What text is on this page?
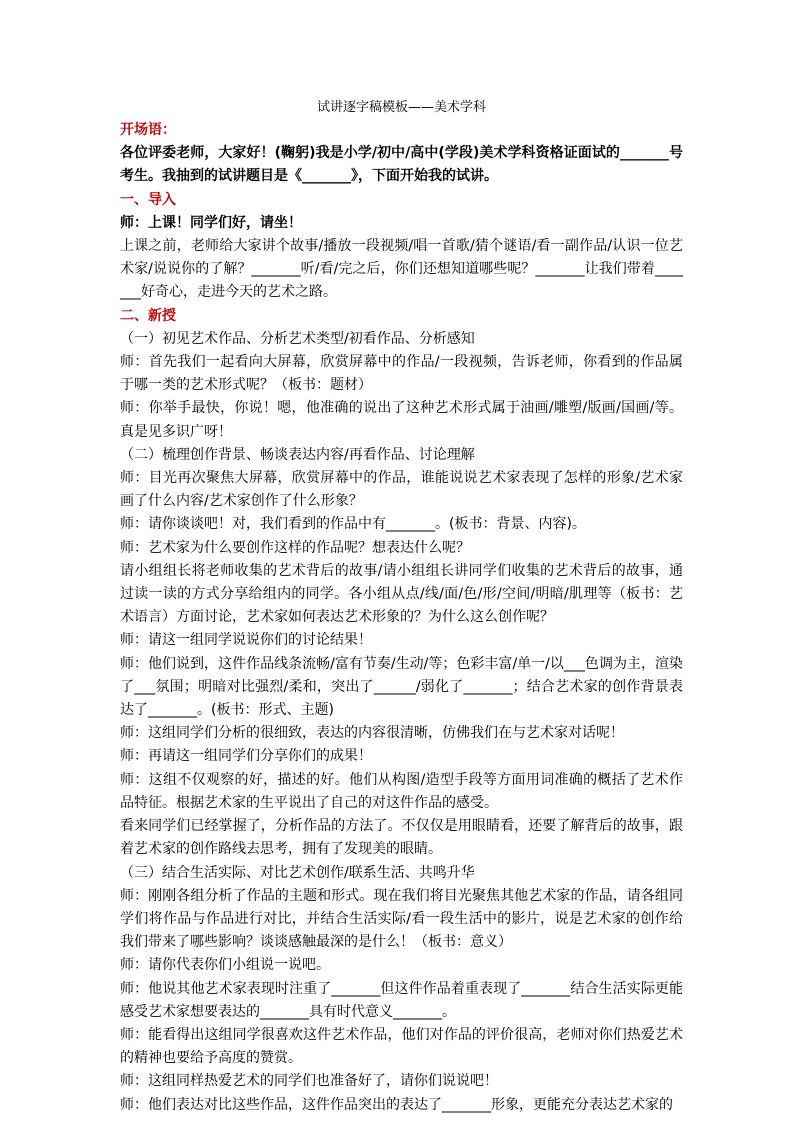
试讲逐字稿模板——美术学科

开场语：

各位评委老师，大家好！(鞠躬)我是小学/初中/高中(学段)美术学科资格证面试的_______号考生。我抽到的试讲题目是《_______》，下面开始我的试讲。

一、导入

师：上课！同学们好，请坐！

上课之前，老师给大家讲个故事/播放一段视频/唱一首歌/猜个谜语/看一副作品/认识一位艺术家/说说你的了解？_______听/看/完之后，你们还想知道哪些呢？_______让我们带着_______好奇心，走进今天的艺术之路。

二、新授

（一）初见艺术作品、分析艺术类型/初看作品、分析感知

师：首先我们一起看向大屏幕，欣赏屏幕中的作品/一段视频，告诉老师，你看到的作品属于哪一类的艺术形式呢？（板书：题材）

师：你举手最快，你说！嗯，他准确的说出了这种艺术形式属于油画/雕塑/版画/国画/等。真是见多识广呀！

（二）梳理创作背景、畅谈表达内容/再看作品、讨论理解

师：目光再次聚焦大屏幕，欣赏屏幕中的作品，谁能说说艺术家表现了怎样的形象/艺术家画了什么内容/艺术家创作了什么形象？

师：请你谈谈吧！对，我们看到的作品中有_______。(板书：背景、内容)。

师：艺术家为什么要创作这样的作品呢？想表达什么呢？

请小组组长将老师收集的艺术背后的故事/请小组组长讲同学们收集的艺术背后的故事，通过读一读的方式分享给组内的同学。各小组从点/线/面/色/形/空间/明暗/肌理等（板书：艺术语言）方面讨论，艺术家如何表达艺术形象的？为什么这么创作呢？

师：请这一组同学说说你们的讨论结果！

师：他们说到，这件作品线条流畅/富有节奏/生动/等；色彩丰富/单一/以___色调为主，渲染了___氛围；明暗对比强烈/柔和，突出了______/弱化了_______；结合艺术家的创作背景表达了_______。(板书：形式、主题)

师：这组同学们分析的很细致，表达的内容很清晰，仿佛我们在与艺术家对话呢！

师：再请这一组同学们分享你们的成果！

师：这组不仅观察的好，描述的好。他们从构图/造型手段等方面用词准确的概括了艺术作品特征。根据艺术家的生平说出了自己的对这件作品的感受。

看来同学们已经掌握了，分析作品的方法了。不仅仅是用眼睛看，还要了解背后的故事，跟着艺术家的创作路线去思考，拥有了发现美的眼睛。

（三）结合生活实际、对比艺术创作/联系生活、共鸣升华

师：刚刚各组分析了作品的主题和形式。现在我们将目光聚焦其他艺术家的作品，请各组同学们将作品与作品进行对比，并结合生活实际/看一段生活中的影片，说是艺术家的创作给我们带来了哪些影响？谈谈感触最深的是什么！（板书：意义）

师：请你代表你们小组说一说吧。

师：他说其他艺术家表现时注重了_______但这件作品着重表现了_______结合生活实际更能感受艺术家想要表达的_______具有时代意义_______。

师：能看得出这组同学很喜欢这件艺术作品，他们对作品的评价很高，老师对你们热爱艺术的精神也要给予高度的赞赏。

师：这组同样热爱艺术的同学们也准备好了，请你们说说吧！

师：他们表达对比这些作品，这件作品突出的表达了_______形象，更能充分表达艺术家的
